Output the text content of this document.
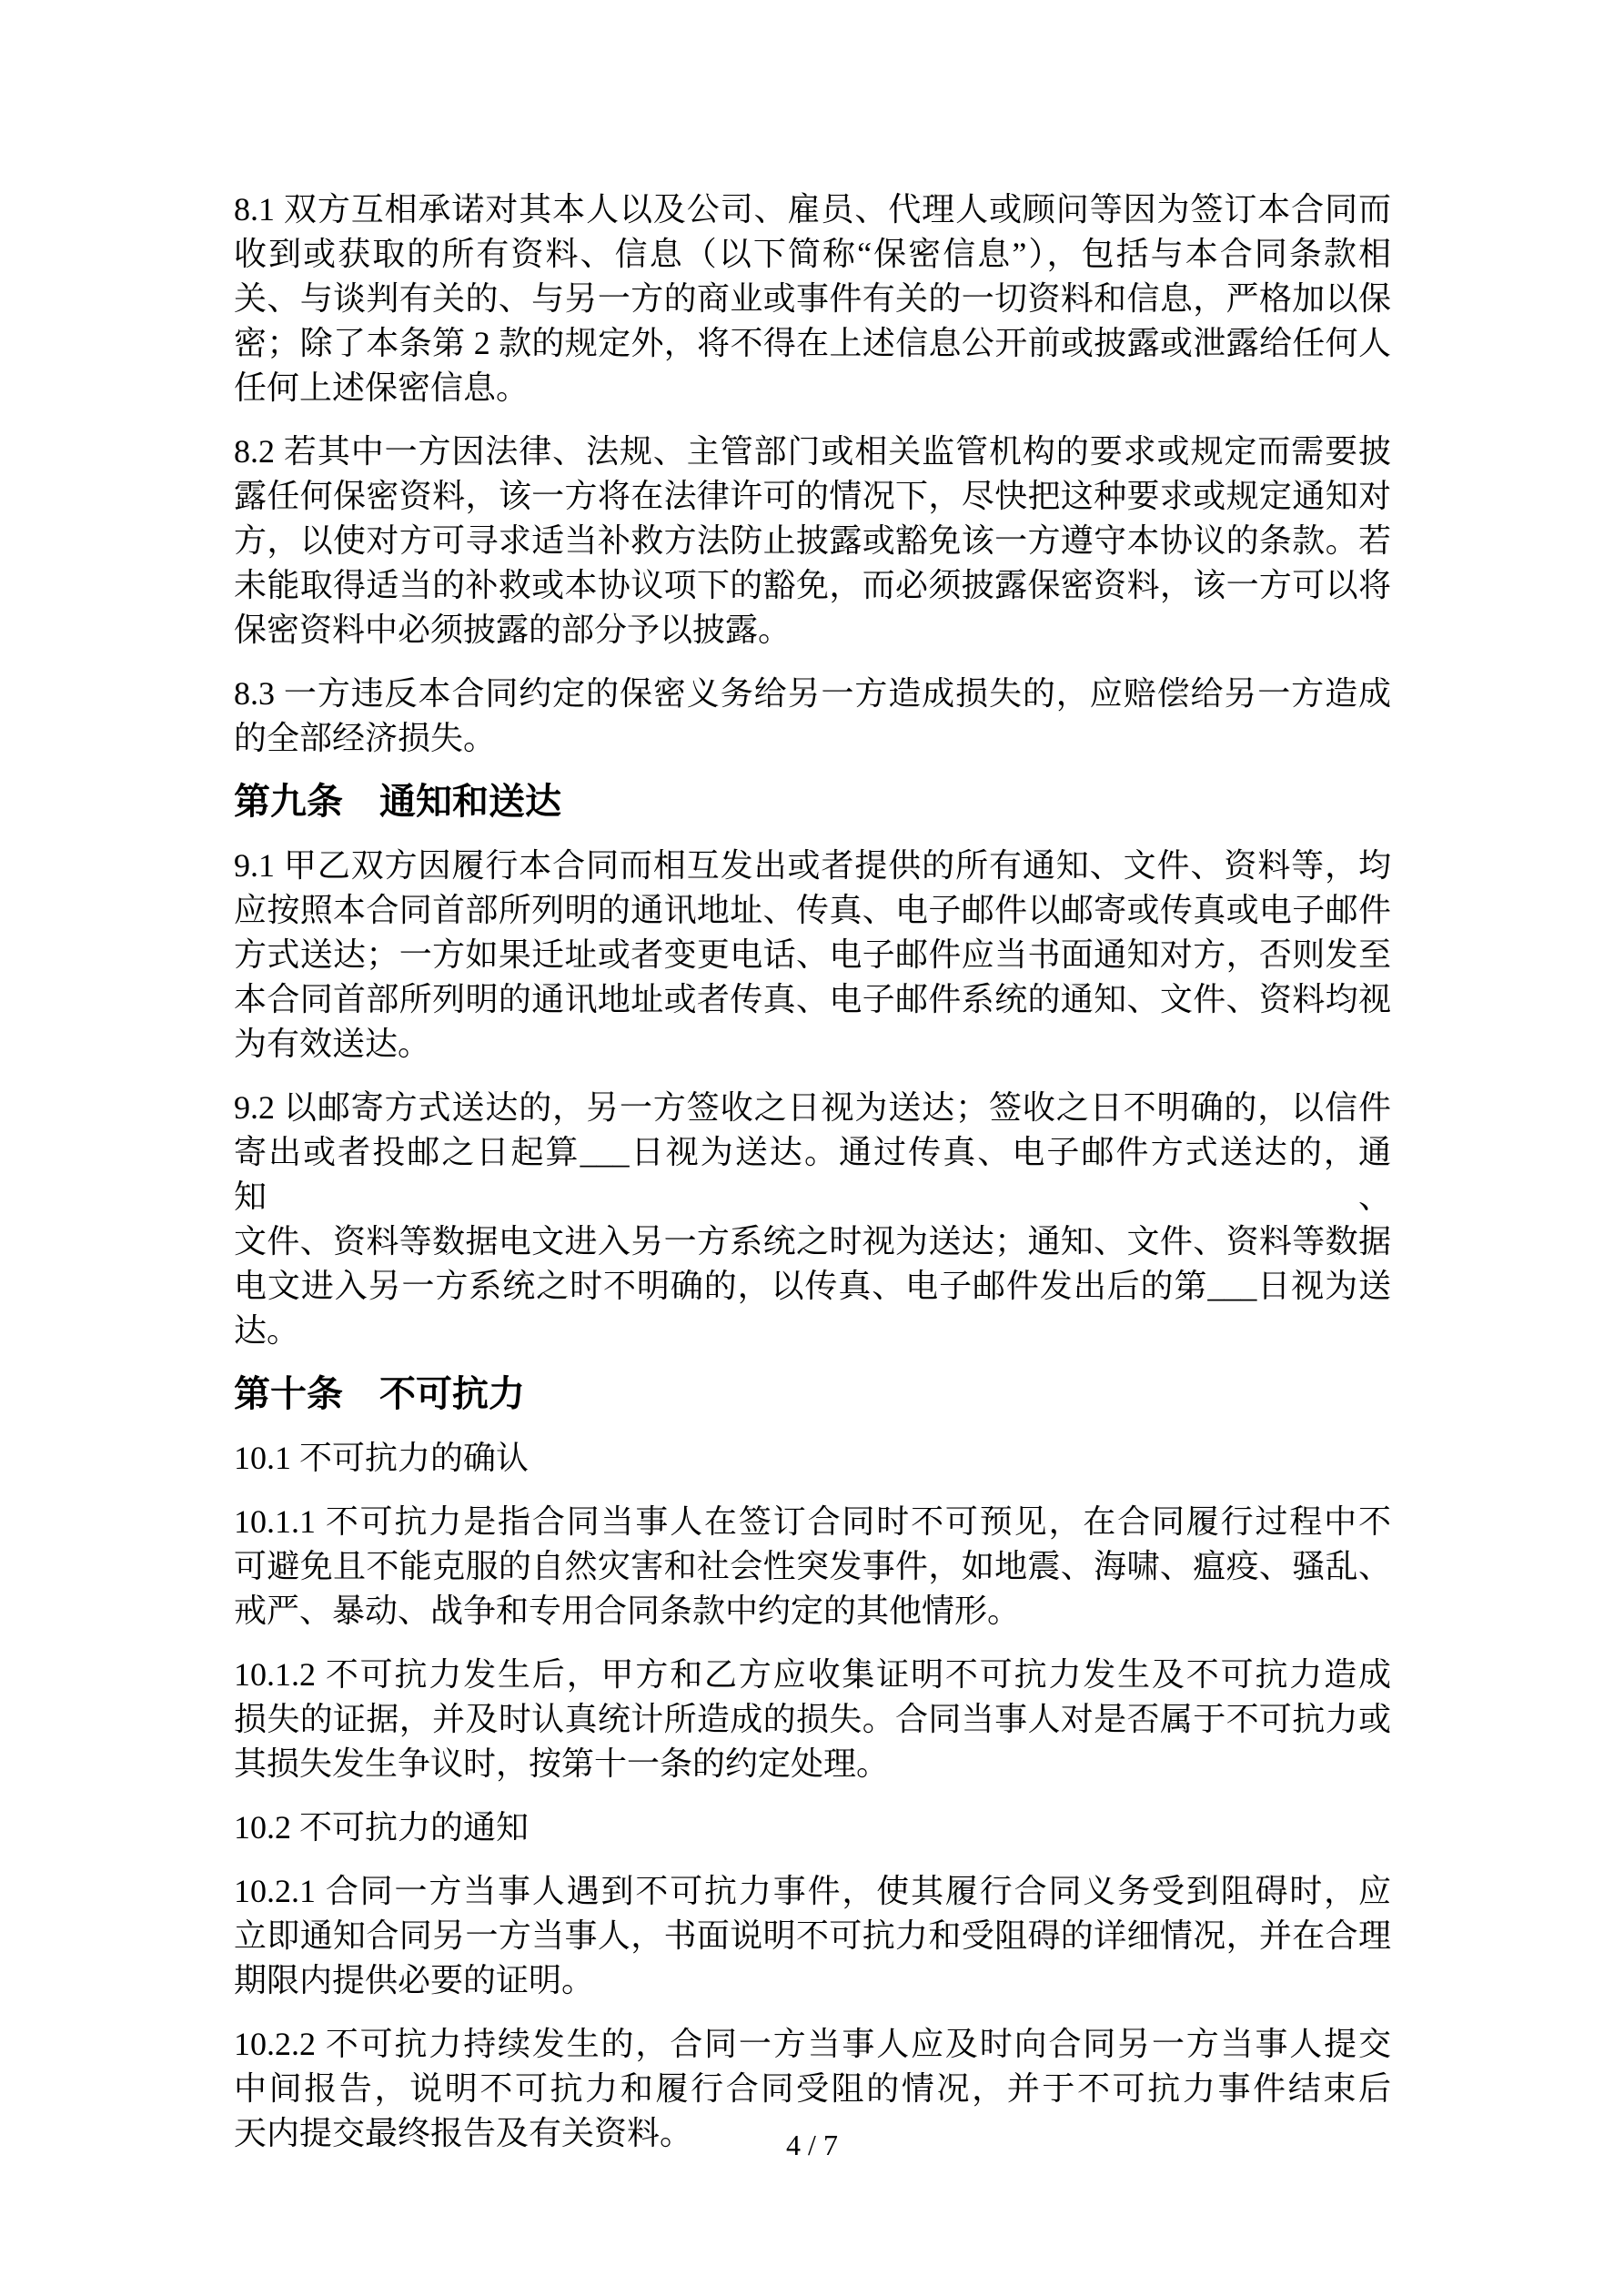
8.1 双方互相承诺对其本人以及公司、雇员、代理人或顾问等因为签订本合同而
收到或获取的所有资料、信息（以下简称“保密信息”），包括与本合同条款相
关、与谈判有关的、与另一方的商业或事件有关的一切资料和信息，严格加以保
密；除了本条第 2 款的规定外，将不得在上述信息公开前或披露或泄露给任何人
任何上述保密信息。

8.2 若其中一方因法律、法规、主管部门或相关监管机构的要求或规定而需要披
露任何保密资料，该一方将在法律许可的情况下，尽快把这种要求或规定通知对
方，以使对方可寻求适当补救方法防止披露或豁免该一方遵守本协议的条款。若
未能取得适当的补救或本协议项下的豁免，而必须披露保密资料，该一方可以将
保密资料中必须披露的部分予以披露。

8.3 一方违反本合同约定的保密义务给另一方造成损失的，应赔偿给另一方造成
的全部经济损失。

第九条　通知和送达

9.1 甲乙双方因履行本合同而相互发出或者提供的所有通知、文件、资料等，均
应按照本合同首部所列明的通讯地址、传真、电子邮件以邮寄或传真或电子邮件
方式送达；一方如果迁址或者变更电话、电子邮件应当书面通知对方，否则发至
本合同首部所列明的通讯地址或者传真、电子邮件系统的通知、文件、资料均视
为有效送达。

9.2 以邮寄方式送达的，另一方签收之日视为送达；签收之日不明确的，以信件
寄出或者投邮之日起算___日视为送达。通过传真、电子邮件方式送达的，通知、
文件、资料等数据电文进入另一方系统之时视为送达；通知、文件、资料等数据
电文进入另一方系统之时不明确的，以传真、电子邮件发出后的第___日视为送
达。

第十条　不可抗力

10.1 不可抗力的确认

10.1.1 不可抗力是指合同当事人在签订合同时不可预见，在合同履行过程中不
可避免且不能克服的自然灾害和社会性突发事件，如地震、海啸、瘟疫、骚乱、
戒严、暴动、战争和专用合同条款中约定的其他情形。

10.1.2 不可抗力发生后，甲方和乙方应收集证明不可抗力发生及不可抗力造成
损失的证据，并及时认真统计所造成的损失。合同当事人对是否属于不可抗力或
其损失发生争议时，按第十一条的约定处理。

10.2 不可抗力的通知

10.2.1 合同一方当事人遇到不可抗力事件，使其履行合同义务受到阻碍时，应
立即通知合同另一方当事人，书面说明不可抗力和受阻碍的详细情况，并在合理
期限内提供必要的证明。

10.2.2 不可抗力持续发生的，合同一方当事人应及时向合同另一方当事人提交
中间报告，说明不可抗力和履行合同受阻的情况，并于不可抗力事件结束后
天内提交最终报告及有关资料。	4 / 7
